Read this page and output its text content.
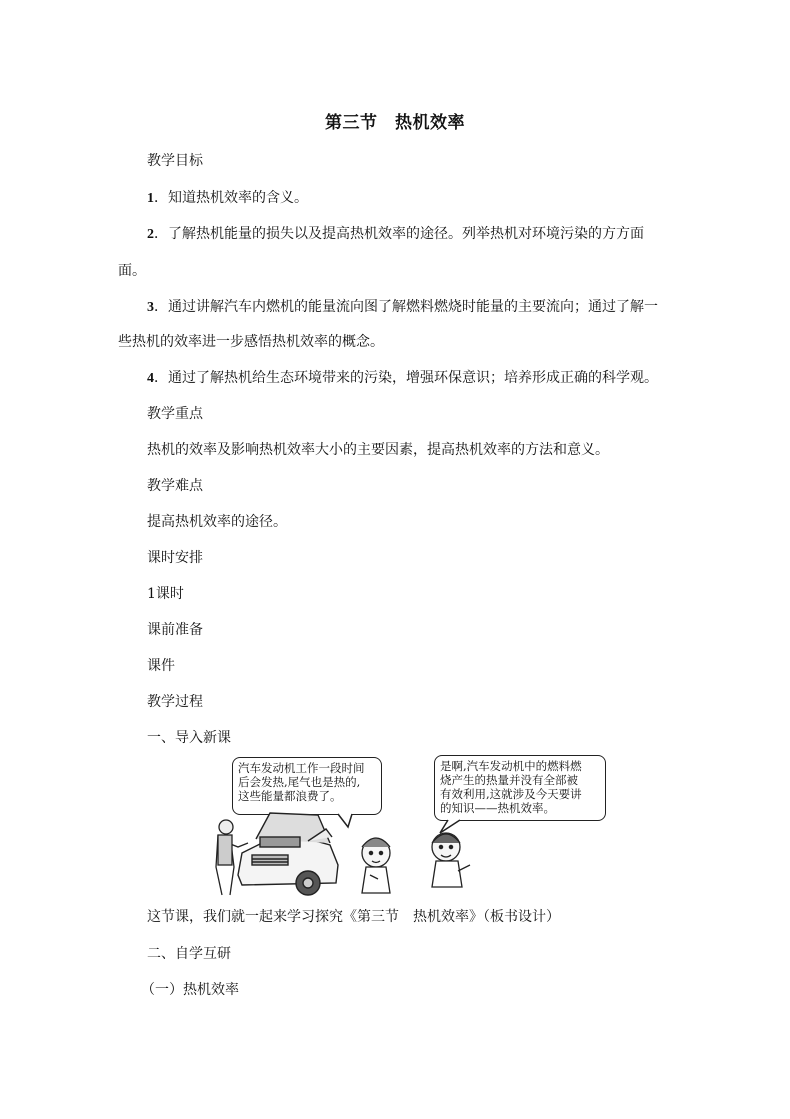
第三节　热机效率
教学目标
1．知道热机效率的含义。
2．了解热机能量的损失以及提高热机效率的途径。列举热机对环境污染的方方面
面。
3．通过讲解汽车内燃机的能量流向图了解燃料燃烧时能量的主要流向；通过了解一
些热机的效率进一步感悟热机效率的概念。
4．通过了解热机给生态环境带来的污染，增强环保意识；培养形成正确的科学观。
教学重点
热机的效率及影响热机效率大小的主要因素，提高热机效率的方法和意义。
教学难点
提高热机效率的途径。
课时安排
1课时
课前准备
课件
教学过程
一、导入新课
汽车发动机工作一段时间
后会发热,尾气也是热的,
这些能量都浪费了。
是啊,汽车发动机中的燃料燃
烧产生的热量并没有全部被
有效利用,这就涉及今天要讲
的知识——热机效率。
这节课，我们就一起来学习探究《第三节　热机效率》（板书设计）
二、自学互研
（一）热机效率
